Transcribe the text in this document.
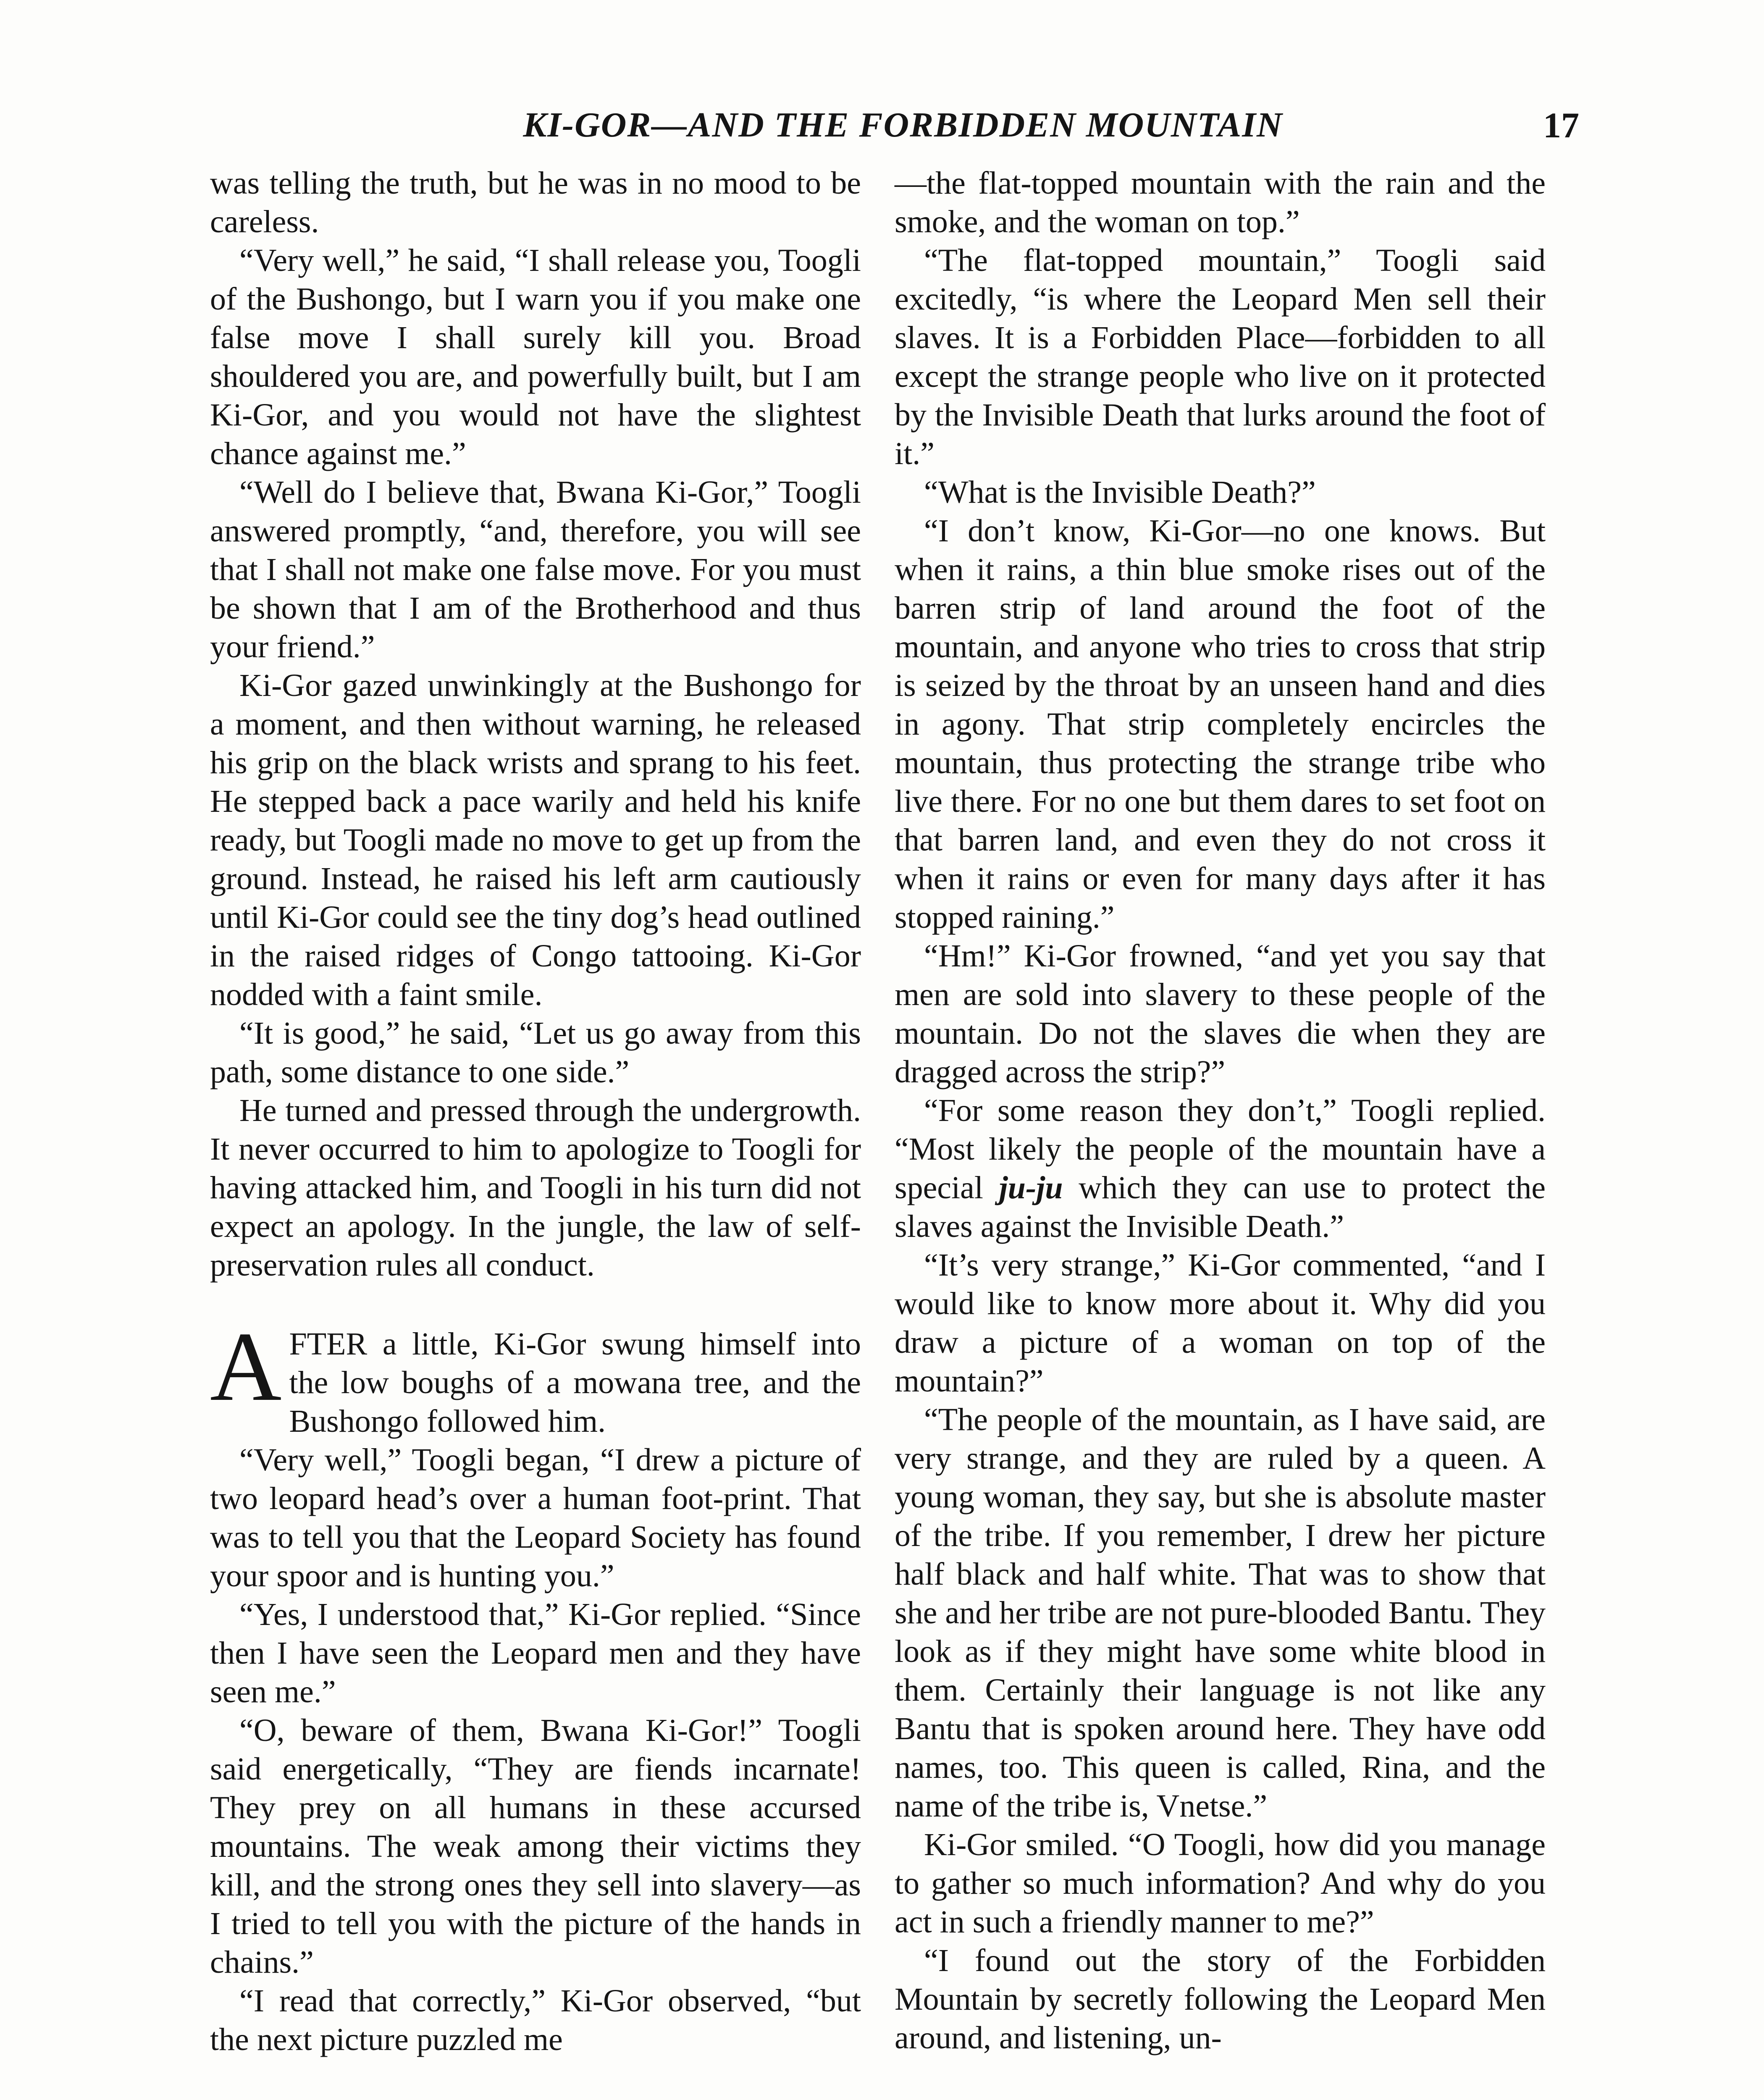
KI-GOR—AND THE FORBIDDEN MOUNTAIN	17

was telling the truth, but he was in no mood to be careless.

“Very well,” he said, “I shall release you, Toogli of the Bushongo, but I warn you if you make one false move I shall surely kill you. Broad shouldered you are, and powerfully built, but I am Ki-Gor, and you would not have the slightest chance against me.”

“Well do I believe that, Bwana Ki-Gor,” Toogli answered promptly, “and, therefore, you will see that I shall not make one false move. For you must be shown that I am of the Brotherhood and thus your friend.”

Ki-Gor gazed unwinkingly at the Bushongo for a moment, and then without warning, he released his grip on the black wrists and sprang to his feet. He stepped back a pace warily and held his knife ready, but Toogli made no move to get up from the ground. Instead, he raised his left arm cautiously until Ki-Gor could see the tiny dog’s head outlined in the raised ridges of Congo tattooing. Ki-Gor nodded with a faint smile.

“It is good,” he said, “Let us go away from this path, some distance to one side.”

He turned and pressed through the undergrowth. It never occurred to him to apologize to Toogli for having attacked him, and Toogli in his turn did not expect an apology. In the jungle, the law of self-preservation rules all conduct.

AFTER a little, Ki-Gor swung himself into the low boughs of a mowana tree, and the Bushongo followed him.

“Very well,” Toogli began, “I drew a picture of two leopard head’s over a human foot-print. That was to tell you that the Leopard Society has found your spoor and is hunting you.”

“Yes, I understood that,” Ki-Gor replied. “Since then I have seen the Leopard men and they have seen me.”

“O, beware of them, Bwana Ki-Gor!” Toogli said energetically, “They are fiends incarnate! They prey on all humans in these accursed mountains. The weak among their victims they kill, and the strong ones they sell into slavery—as I tried to tell you with the picture of the hands in chains.”

“I read that correctly,” Ki-Gor observed, “but the next picture puzzled me

—the flat-topped mountain with the rain and the smoke, and the woman on top.”

“The flat-topped mountain,” Toogli said excitedly, “is where the Leopard Men sell their slaves. It is a Forbidden Place—forbidden to all except the strange people who live on it protected by the Invisible Death that lurks around the foot of it.”

“What is the Invisible Death?”

“I don’t know, Ki-Gor—no one knows. But when it rains, a thin blue smoke rises out of the barren strip of land around the foot of the mountain, and anyone who tries to cross that strip is seized by the throat by an unseen hand and dies in agony. That strip completely encircles the mountain, thus protecting the strange tribe who live there. For no one but them dares to set foot on that barren land, and even they do not cross it when it rains or even for many days after it has stopped raining.”

“Hm!” Ki-Gor frowned, “and yet you say that men are sold into slavery to these people of the mountain. Do not the slaves die when they are dragged across the strip?”

“For some reason they don’t,” Toogli replied. “Most likely the people of the mountain have a special ju-ju which they can use to protect the slaves against the Invisible Death.”

“It’s very strange,” Ki-Gor commented, “and I would like to know more about it. Why did you draw a picture of a woman on top of the mountain?”

“The people of the mountain, as I have said, are very strange, and they are ruled by a queen. A young woman, they say, but she is absolute master of the tribe. If you remember, I drew her picture half black and half white. That was to show that she and her tribe are not pure-blooded Bantu. They look as if they might have some white blood in them. Certainly their language is not like any Bantu that is spoken around here. They have odd names, too. This queen is called, Rina, and the name of the tribe is, Vnetse.”

Ki-Gor smiled. “O Toogli, how did you manage to gather so much information? And why do you act in such a friendly manner to me?”

“I found out the story of the Forbidden Mountain by secretly following the Leopard Men around, and listening, un-
